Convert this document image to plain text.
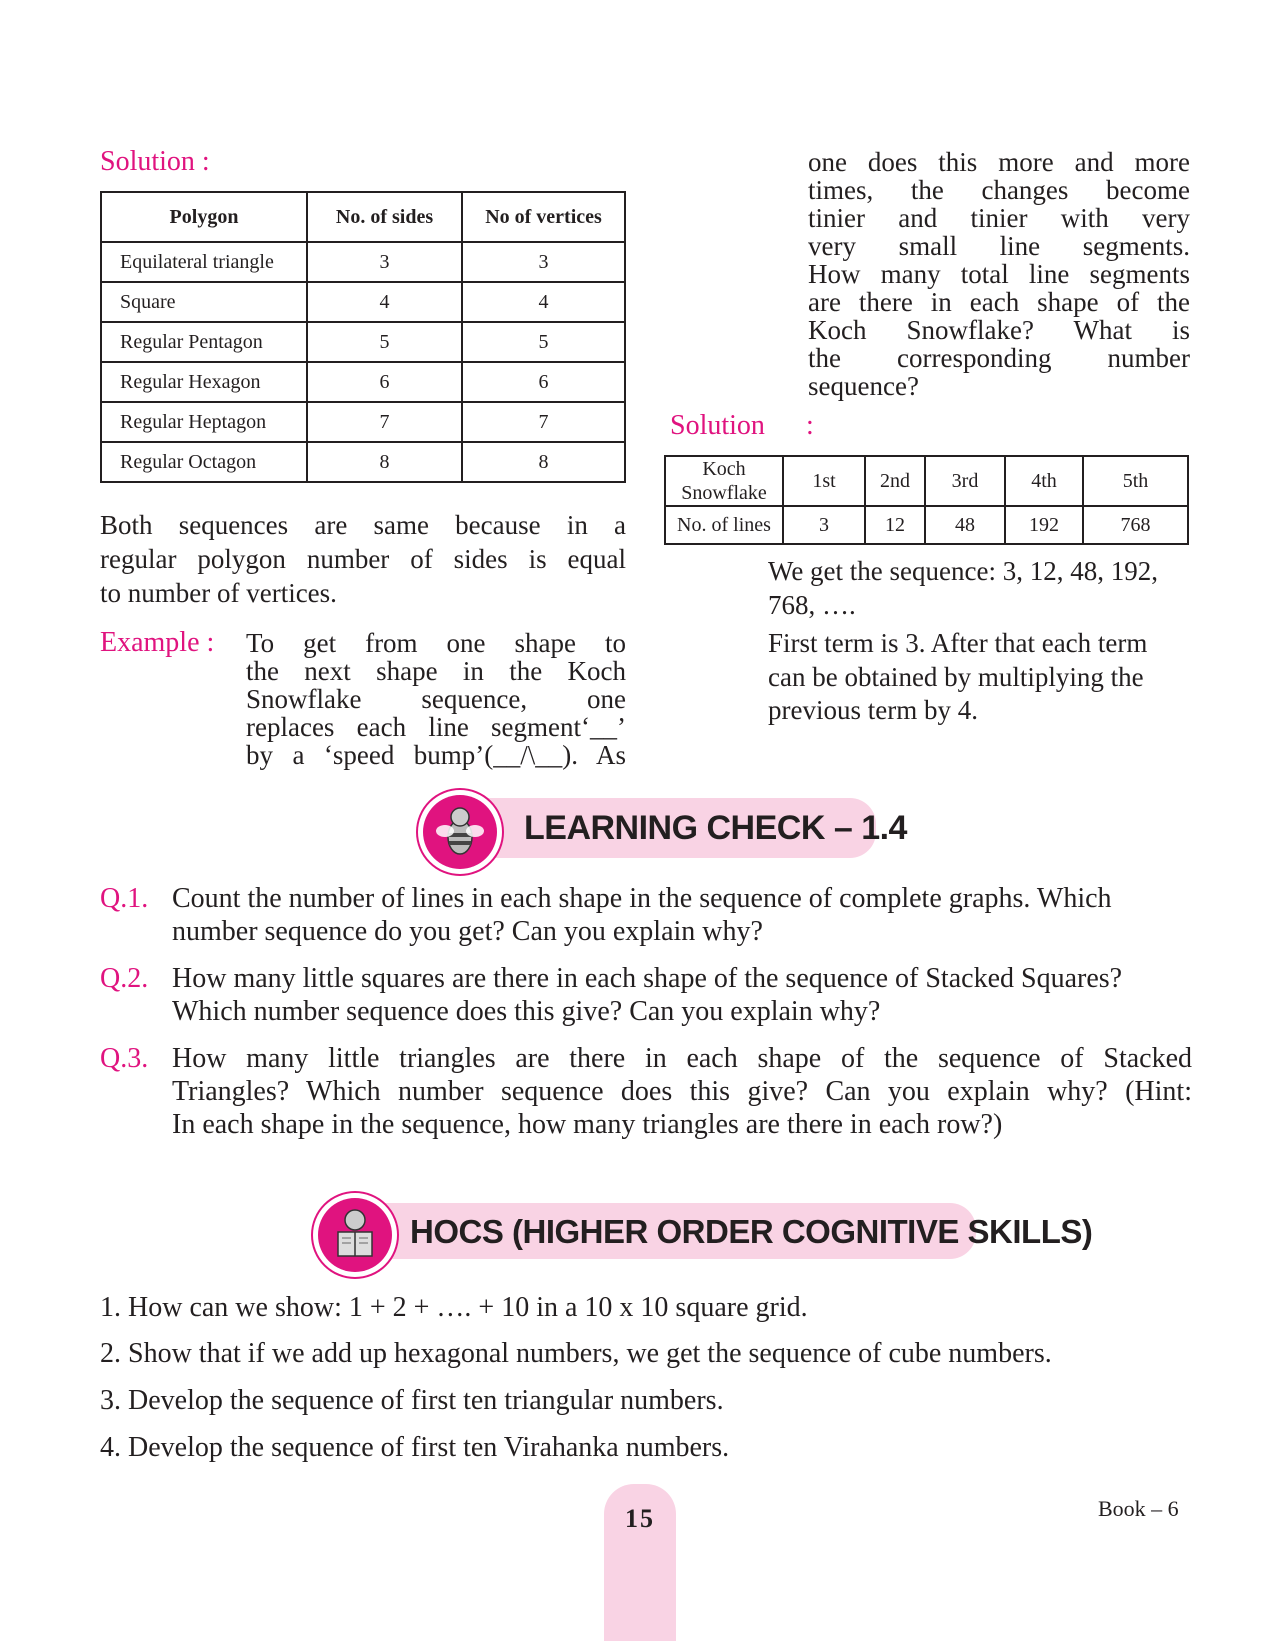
Solution :
Polygon	No. of sides	No of vertices
Equilateral triangle	3	3
Square	4	4
Regular Pentagon	5	5
Regular Hexagon	6	6
Regular Heptagon	7	7
Regular Octagon	8	8
Both sequences are same because in a
regular polygon number of sides is equal
to number of vertices.
Example : To get from one shape to
the next shape in the Koch
Snowflake sequence, one
replaces each line segment‘__’
by a ‘speed bump’(__/\__). As
one does this more and more
times, the changes become
tinier and tinier with very
very small line segments.
How many total line segments
are there in each shape of the
Koch Snowflake? What is
the corresponding number
sequence?
Solution :
Koch Snowflake	1st	2nd	3rd	4th	5th
No. of lines	3	12	48	192	768
We get the sequence: 3, 12, 48, 192, 768, ….
First term is 3. After that each term can be obtained by multiplying the previous term by 4.
LEARNING CHECK – 1.4
Q.1. Count the number of lines in each shape in the sequence of complete graphs. Which
number sequence do you get? Can you explain why?
Q.2. How many little squares are there in each shape of the sequence of Stacked Squares?
Which number sequence does this give? Can you explain why?
Q.3. How many little triangles are there in each shape of the sequence of Stacked
Triangles? Which number sequence does this give? Can you explain why? (Hint:
In each shape in the sequence, how many triangles are there in each row?)
HOCS (HIGHER ORDER COGNITIVE SKILLS)
1. How can we show: 1 + 2 + …. + 10 in a 10 x 10 square grid.
2. Show that if we add up hexagonal numbers, we get the sequence of cube numbers.
3. Develop the sequence of first ten triangular numbers.
4. Develop the sequence of first ten Virahanka numbers.
15	Book – 6
